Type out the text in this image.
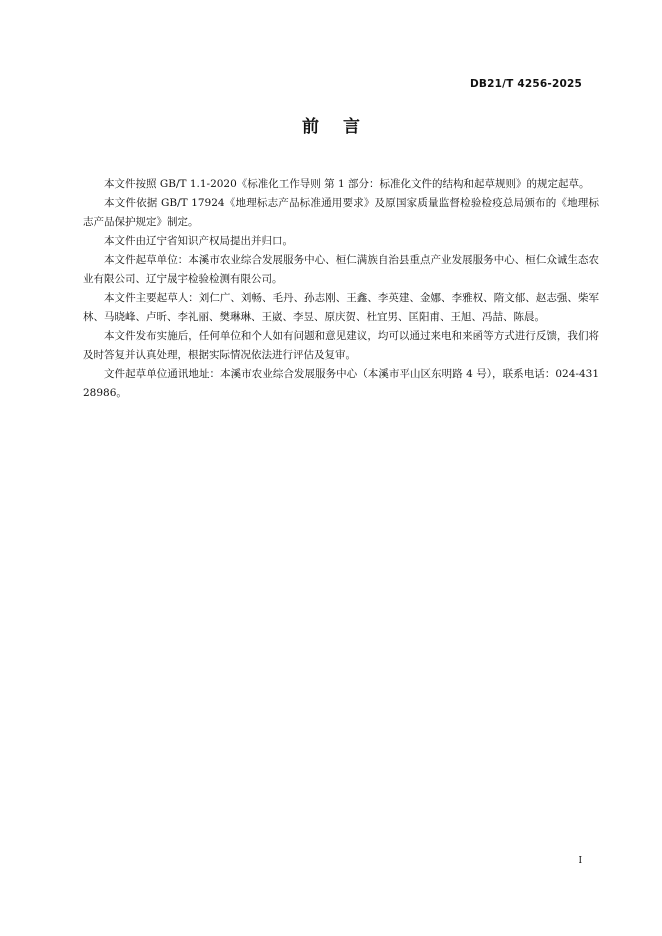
DB21/T 4256-2025
前言

本文件按照 GB/T 1.1-2020《标准化工作导则 第 1 部分：标准化文件的结构和起草规则》的规定起草。

本文件依据 GB/T 17924《地理标志产品标准通用要求》及原国家质量监督检验检疫总局颁布的《地理标志产品保护规定》制定。

本文件由辽宁省知识产权局提出并归口。

本文件起草单位：本溪市农业综合发展服务中心、桓仁满族自治县重点产业发展服务中心、桓仁众诚生态农业有限公司、辽宁晟宇检验检测有限公司。

本文件主要起草人：刘仁广、刘畅、毛丹、孙志刚、王鑫、李英建、金娜、李雅权、隋文郁、赵志强、柴军林、马晓峰、卢昕、李礼丽、樊琳琳、王崴、李昱、原庆贺、杜宜男、匡阳甫、王旭、冯喆、陈晨。

本文件发布实施后，任何单位和个人如有问题和意见建议，均可以通过来电和来函等方式进行反馈，我们将及时答复并认真处理，根据实际情况依法进行评估及复审。

文件起草单位通讯地址：本溪市农业综合发展服务中心（本溪市平山区东明路 4 号），联系电话：024-43128986。

I
